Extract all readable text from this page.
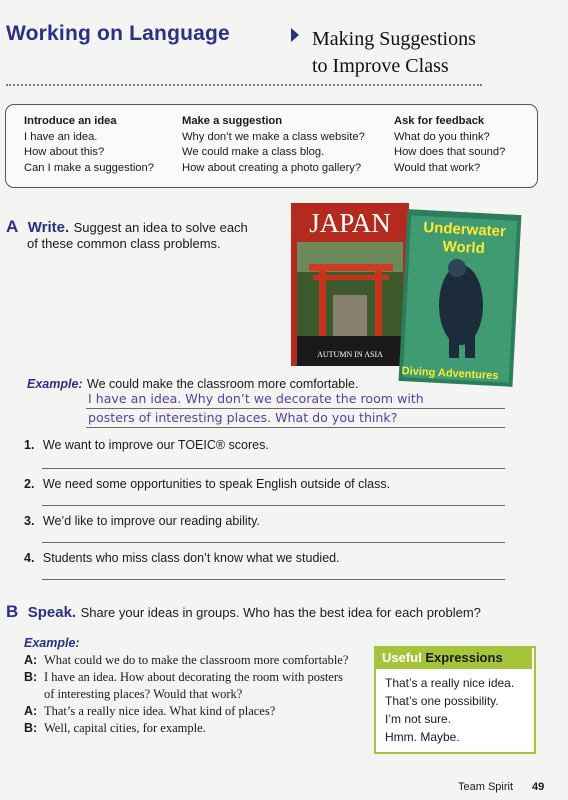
Working on Language	Making Suggestions
to Improve Class
Introduce an idea
I have an idea.
How about this?
Can I make a suggestion?
Make a suggestion
Why don’t we make a class website?
We could make a class blog.
How about creating a photo gallery?
Ask for feedback
What do you think?
How does that sound?
Would that work?
A Write. Suggest an idea to solve each
of these common class problems.
JAPAN
AUTUMN IN ASIA
Underwater
World
Diving Adventures
Example: We could make the classroom more comfortable.
I have an idea. Why don’t we decorate the room with
posters of interesting places. What do you think?
1. We want to improve our TOEIC® scores.
2. We need some opportunities to speak English outside of class.
3. We’d like to improve our reading ability.
4. Students who miss class don’t know what we studied.
B Speak. Share your ideas in groups. Who has the best idea for each problem?
Example:
A: What could we do to make the classroom more comfortable?
B: I have an idea. How about decorating the room with posters
of interesting places? Would that work?
A: That’s a really nice idea. What kind of places?
B: Well, capital cities, for example.
Useful Expressions
That’s a really nice idea.
That’s one possibility.
I’m not sure.
Hmm. Maybe.
Team Spirit 49
